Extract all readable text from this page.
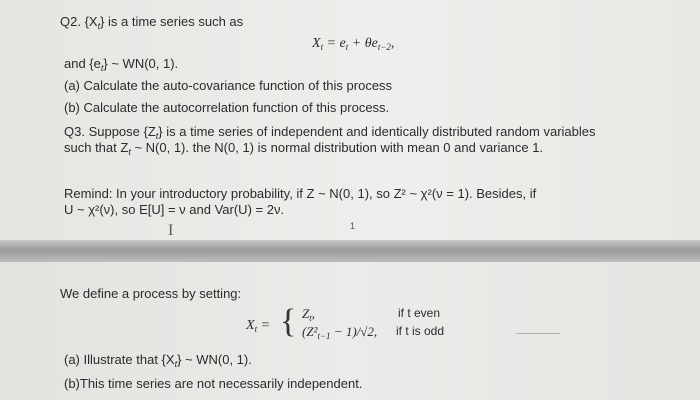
Q2. $\{X_t\}$ is a time series such as
$X_t = e_t + \theta e_{t-2}$,
and $\{e_t\}$ ~ WN(0, 1).
(a) Calculate the auto-covariance function of this process
(b) Calculate the autocorrelation function of this process.
Q3. Suppose $\{Z_t\}$ is a time series of independent and identically distributed random variables
such that $Z_t$ ~ N(0, 1). the N(0, 1) is normal distribution with mean 0 and variance 1.
Remind: In your introductory probability, if Z ~ N(0, 1), so Z² ~ χ²(ν = 1). Besides, if
U ~ χ²(ν), so E[U] = ν and Var(U) = 2ν.
1
I
We define a process by setting:
$X_t$ = { $Z_t$,	if t even
$(Z^2_{t-1} - 1)/√2$, if t is odd
(a) Illustrate that $\{X_t\}$ ~ WN(0, 1).
(b)This time series are not necessarily independent.
